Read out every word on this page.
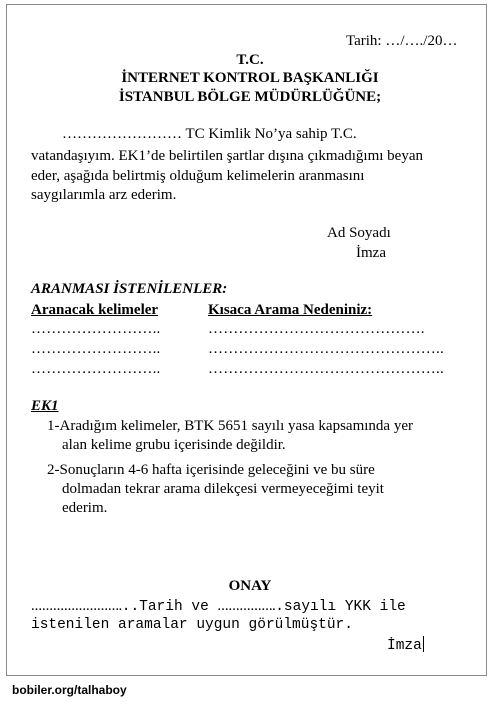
Tarih: …/…./20…
T.C.
İNTERNET KONTROL BAŞKANLIĞI
İSTANBUL BÖLGE MÜDÜRLÜĞÜNE;
…………………… TC Kimlik No’ya sahip T.C.
vatandaşıyım. EK1’de belirtilen şartlar dışına çıkmadığımı beyan
eder, aşağıda belirtmiş olduğum kelimelerin aranmasını
saygılarımla arz ederim.
Ad Soyadı
İmza
ARANMASI İSTENİLENLER:
Aranacak kelimeler	Kısaca Arama Nedeniniz:
……………………..	…………………………………….
……………………..	………………………………………..
……………………..	………………………………………..
EK1
1-Aradığım kelimeler, BTK 5651 sayılı yasa kapsamında yer
alan kelime grubu içerisinde değildir.
2-Sonuçların 4-6 hafta içerisinde geleceğini ve bu süre
dolmadan tekrar arama dilekçesi vermeyeceğimi teyit
ederim.
ONAY
……………………...Tarih ve ……………..sayılı YKK ile
istenilen aramalar uygun görülmüştür.
İmza
bobiler.org/talhaboy
